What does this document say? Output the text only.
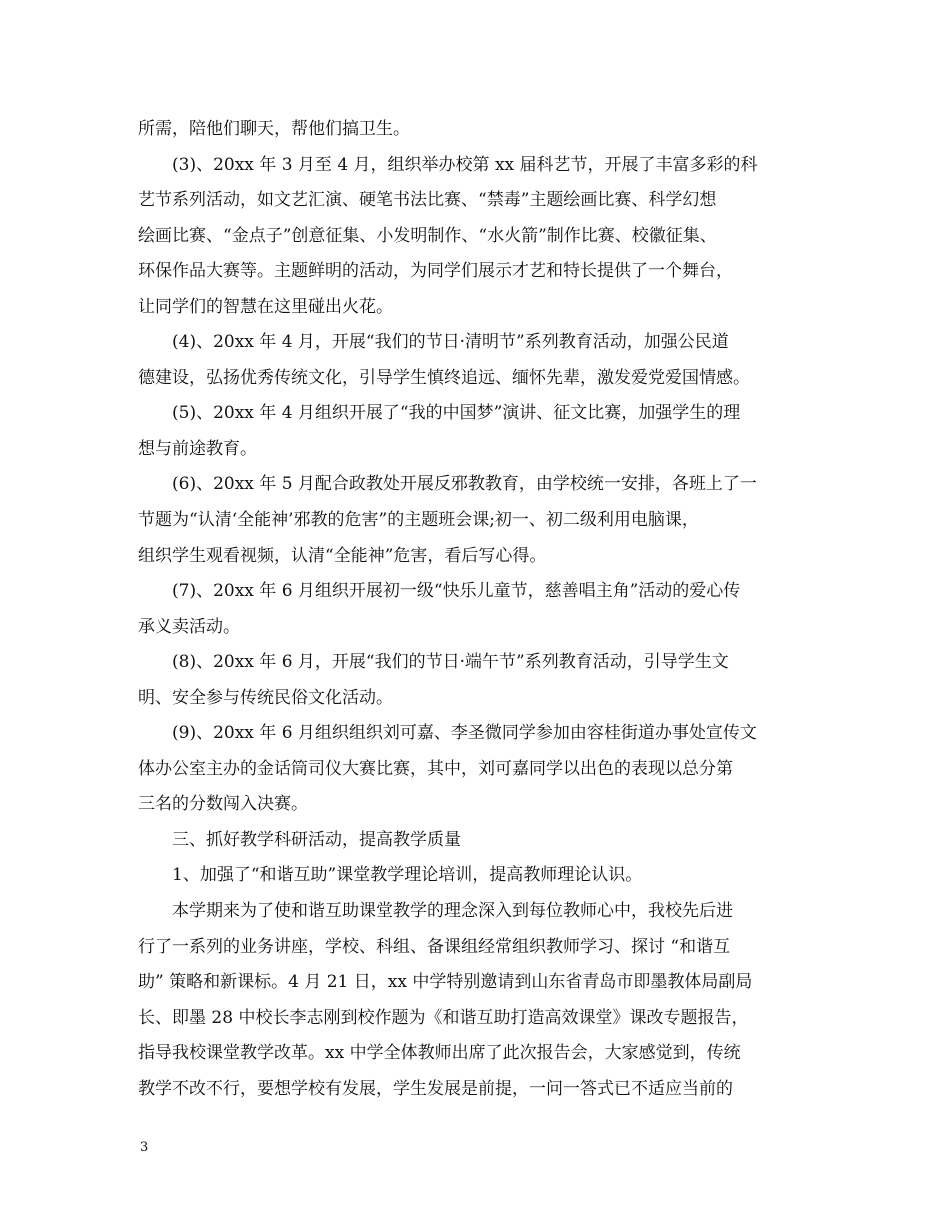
所需，陪他们聊天，帮他们搞卫生。
(3)、20xx 年 3 月至 4 月，组织举办校第 xx 届科艺节，开展了丰富多彩的科
艺节系列活动，如文艺汇演、硬笔书法比赛、“禁毒”主题绘画比赛、科学幻想
绘画比赛、“金点子”创意征集、小发明制作、“水火箭”制作比赛、校徽征集、
环保作品大赛等。主题鲜明的活动，为同学们展示才艺和特长提供了一个舞台，
让同学们的智慧在这里碰出火花。
(4)、20xx 年 4 月，开展“我们的节日·清明节”系列教育活动，加强公民道
德建设，弘扬优秀传统文化，引导学生慎终追远、缅怀先辈，激发爱党爱国情感。
(5)、20xx 年 4 月组织开展了“我的中国梦”演讲、征文比赛，加强学生的理
想与前途教育。
(6)、20xx 年 5 月配合政教处开展反邪教教育，由学校统一安排，各班上了一
节题为“认清‘全能神’邪教的危害”的主题班会课;初一、初二级利用电脑课，
组织学生观看视频，认清“全能神”危害，看后写心得。
(7)、20xx 年 6 月组织开展初一级“快乐儿童节，慈善唱主角”活动的爱心传
承义卖活动。
(8)、20xx 年 6 月，开展“我们的节日·端午节”系列教育活动，引导学生文
明、安全参与传统民俗文化活动。
(9)、20xx 年 6 月组织组织刘可嘉、李圣微同学参加由容桂街道办事处宣传文
体办公室主办的金话筒司仪大赛比赛，其中，刘可嘉同学以出色的表现以总分第
三名的分数闯入决赛。
三、抓好教学科研活动，提高教学质量
1、加强了“和谐互助”课堂教学理论培训，提高教师理论认识。
本学期来为了使和谐互助课堂教学的理念深入到每位教师心中，我校先后进
行了一系列的业务讲座，学校、科组、备课组经常组织教师学习、探讨 “和谐互
助” 策略和新课标。4 月 21 日，xx 中学特别邀请到山东省青岛市即墨教体局副局
长、即墨 28 中校长李志刚到校作题为《和谐互助打造高效课堂》课改专题报告，
指导我校课堂教学改革。xx 中学全体教师出席了此次报告会，大家感觉到，传统
教学不改不行，要想学校有发展，学生发展是前提，一问一答式已不适应当前的
3
